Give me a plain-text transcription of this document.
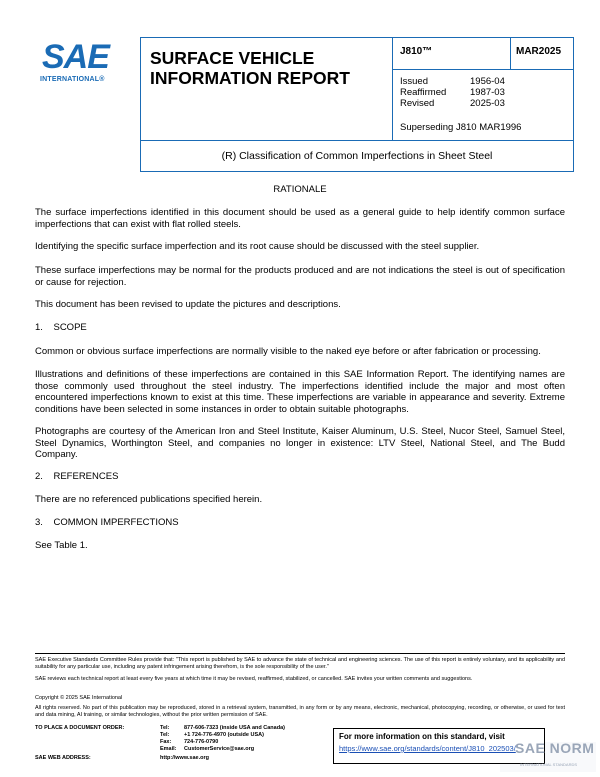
SAE
INTERNATIONAL®
SURFACE VEHICLE INFORMATION REPORT
J810™	MAR2025
Issued	1956-04
Reaffirmed 1987-03
Revised	2025-03
Superseding J810 MAR1996
(R) Classification of Common Imperfections in Sheet Steel
RATIONALE
The surface imperfections identified in this document should be used as a general guide to help identify common surface imperfections that can exist with flat rolled steels.
Identifying the specific surface imperfection and its root cause should be discussed with the steel supplier.
These surface imperfections may be normal for the products produced and are not indications the steel is out of specification or cause for rejection.
This document has been revised to update the pictures and descriptions.
1.    SCOPE
Common or obvious surface imperfections are normally visible to the naked eye before or after fabrication or processing.
Illustrations and definitions of these imperfections are contained in this SAE Information Report. The identifying names are those commonly used throughout the steel industry. The imperfections identified include the major and most often encountered imperfections known to exist at this time. These imperfections are variable in appearance and severity. Extreme conditions have been selected in some instances in order to obtain suitable photographs.
Photographs are courtesy of the American Iron and Steel Institute, Kaiser Aluminum, U.S. Steel, Nucor Steel, Samuel Steel, Steel Dynamics, Worthington Steel, and companies no longer in existence: LTV Steel, National Steel, and The Budd Company.
2.    REFERENCES
There are no referenced publications specified herein.
3.    COMMON IMPERFECTIONS
See Table 1.
SAE Executive Standards Committee Rules provide that: "This report is published by SAE to advance the state of technical and engineering sciences. The use of this report is entirely voluntary, and its applicability and suitability for any particular use, including any patent infringement arising therefrom, is the sole responsibility of the user."
SAE reviews each technical report at least every five years at which time it may be revised, reaffirmed, stabilized, or cancelled. SAE invites your written comments and suggestions.
Copyright © 2025 SAE International
All rights reserved. No part of this publication may be reproduced, stored in a retrieval system, transmitted, in any form or by any means, electronic, mechanical, photocopying, recording, or otherwise, or used for text and data mining, AI training, or similar technologies, without the prior written permission of SAE.
TO PLACE A DOCUMENT ORDER:	Tel:	877-606-7323 (inside USA and Canada)
Tel:	+1 724-776-4970 (outside USA)
Fax: 724-776-0790
Email: CustomerService@sae.org
SAE WEB ADDRESS:	http://www.sae.org
For more information on this standard, visit
https://www.sae.org/standards/content/J810_202503/ SAE NORM
INTERNATIONAL STANDARDS
